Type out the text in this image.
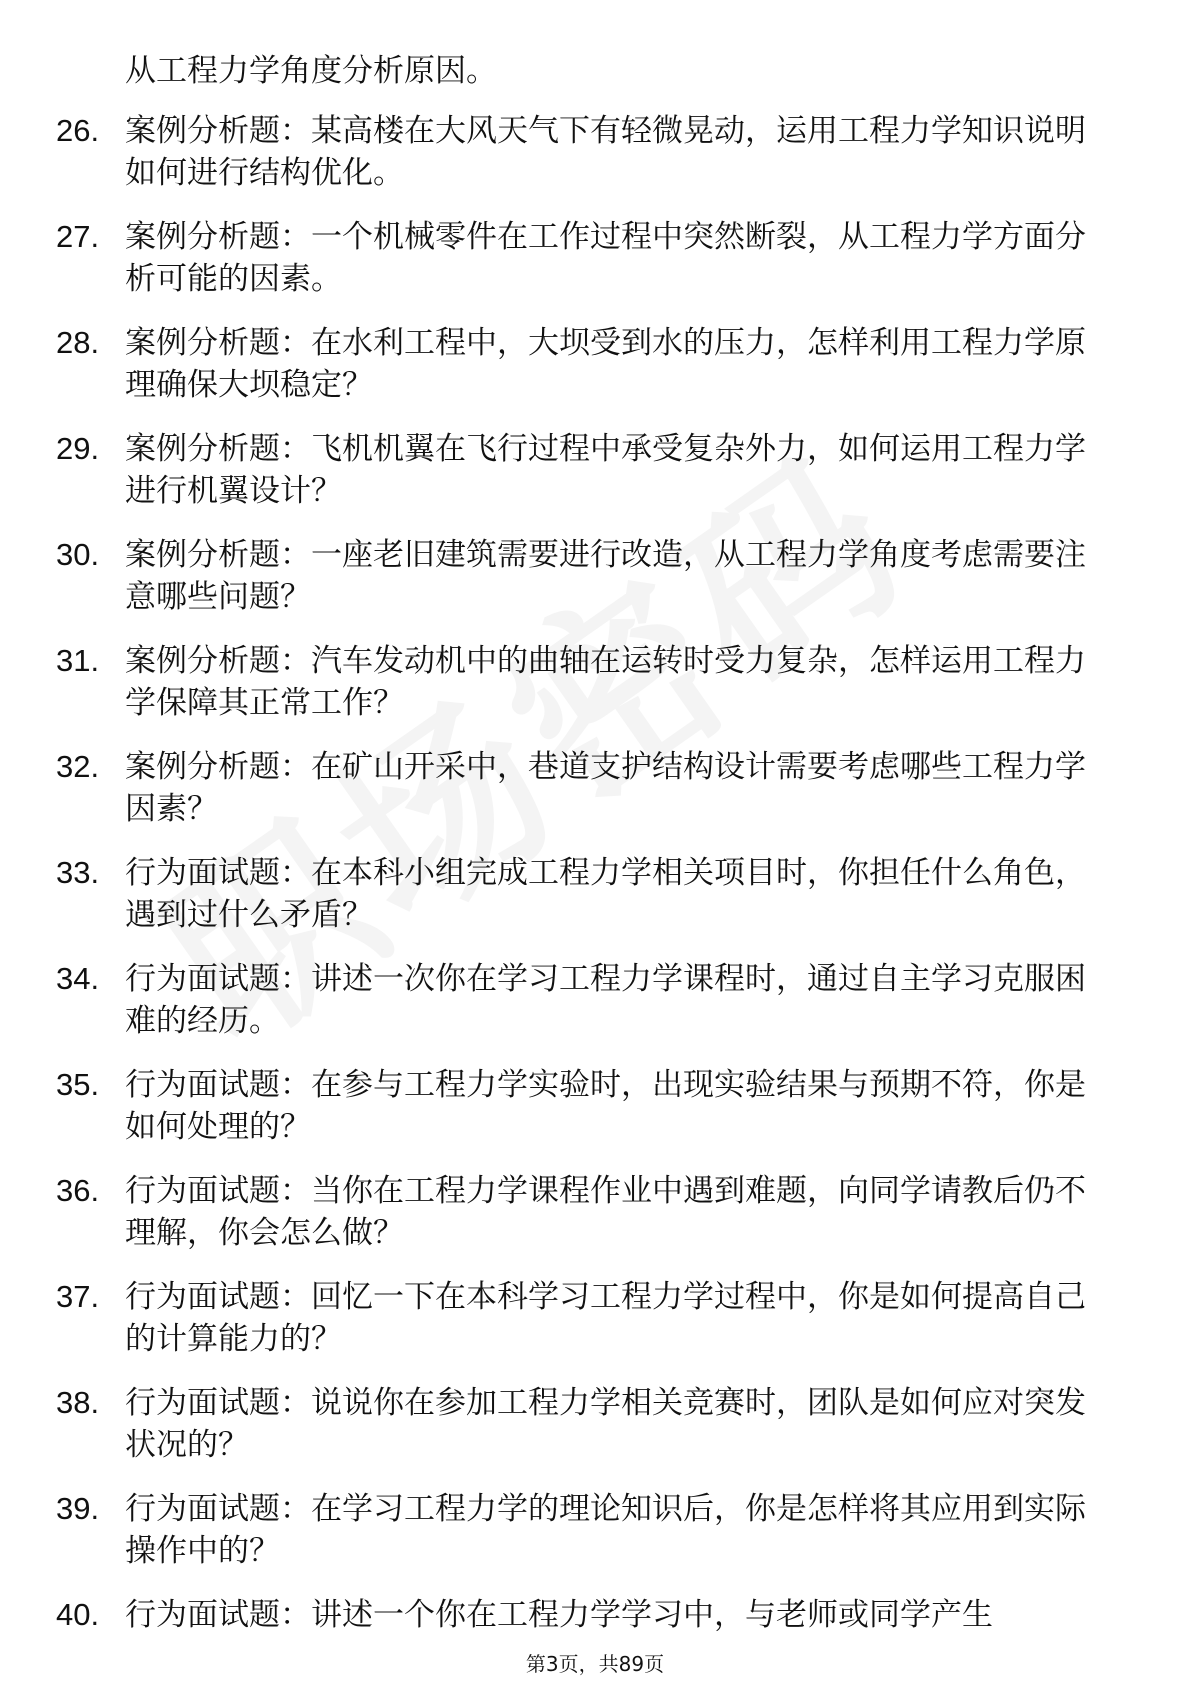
从工程力学角度分析原因。

26. 案例分析题：某高楼在大风天气下有轻微晃动，运用工程力学知识说明如何进行结构优化。
27. 案例分析题：一个机械零件在工作过程中突然断裂，从工程力学方面分析可能的因素。
28. 案例分析题：在水利工程中，大坝受到水的压力，怎样利用工程力学原理确保大坝稳定？
29. 案例分析题：飞机机翼在飞行过程中承受复杂外力，如何运用工程力学进行机翼设计？
30. 案例分析题：一座老旧建筑需要进行改造，从工程力学角度考虑需要注意哪些问题？
31. 案例分析题：汽车发动机中的曲轴在运转时受力复杂，怎样运用工程力学保障其正常工作？
32. 案例分析题：在矿山开采中，巷道支护结构设计需要考虑哪些工程力学因素？
33. 行为面试题：在本科小组完成工程力学相关项目时，你担任什么角色，遇到过什么矛盾？
34. 行为面试题：讲述一次你在学习工程力学课程时，通过自主学习克服困难的经历。
35. 行为面试题：在参与工程力学实验时，出现实验结果与预期不符，你是如何处理的？
36. 行为面试题：当你在工程力学课程作业中遇到难题，向同学请教后仍不理解，你会怎么做？
37. 行为面试题：回忆一下在本科学习工程力学过程中，你是如何提高自己的计算能力的？
38. 行为面试题：说说你在参加工程力学相关竞赛时，团队是如何应对突发状况的？
39. 行为面试题：在学习工程力学的理论知识后，你是怎样将其应用到实际操作中的？
40. 行为面试题：讲述一个你在工程力学学习中，与老师或同学产生
第3页，共89页
